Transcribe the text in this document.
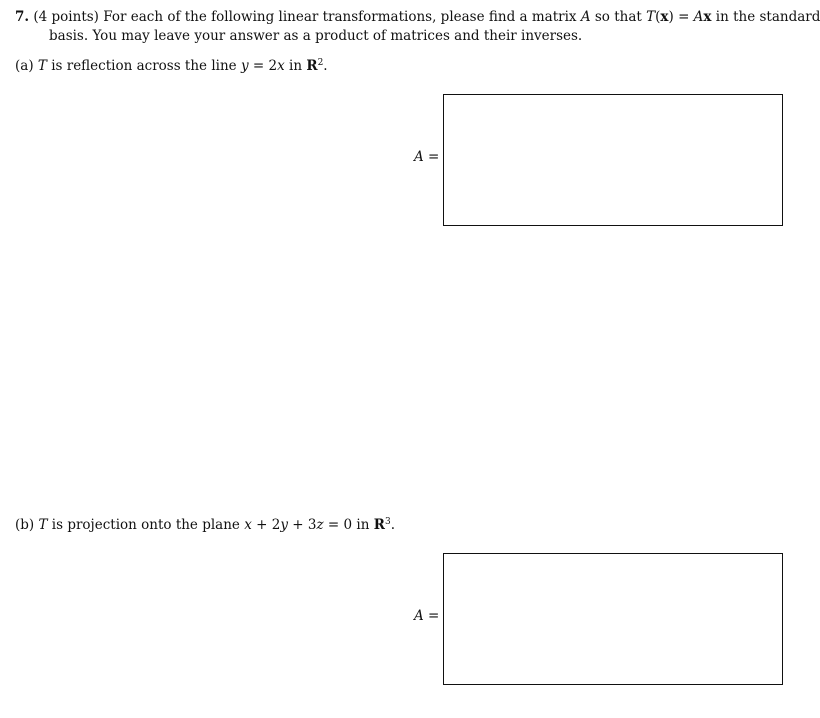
7. (4 points) For each of the following linear transformations, please find a matrix A so that T(x) = Ax in the standard
basis. You may leave your answer as a product of matrices and their inverses.
(a) T is reflection across the line y = 2x in $R^2$.
A =
(b) T is projection onto the plane x + 2y + 3z = 0 in $R^3$.
A =
